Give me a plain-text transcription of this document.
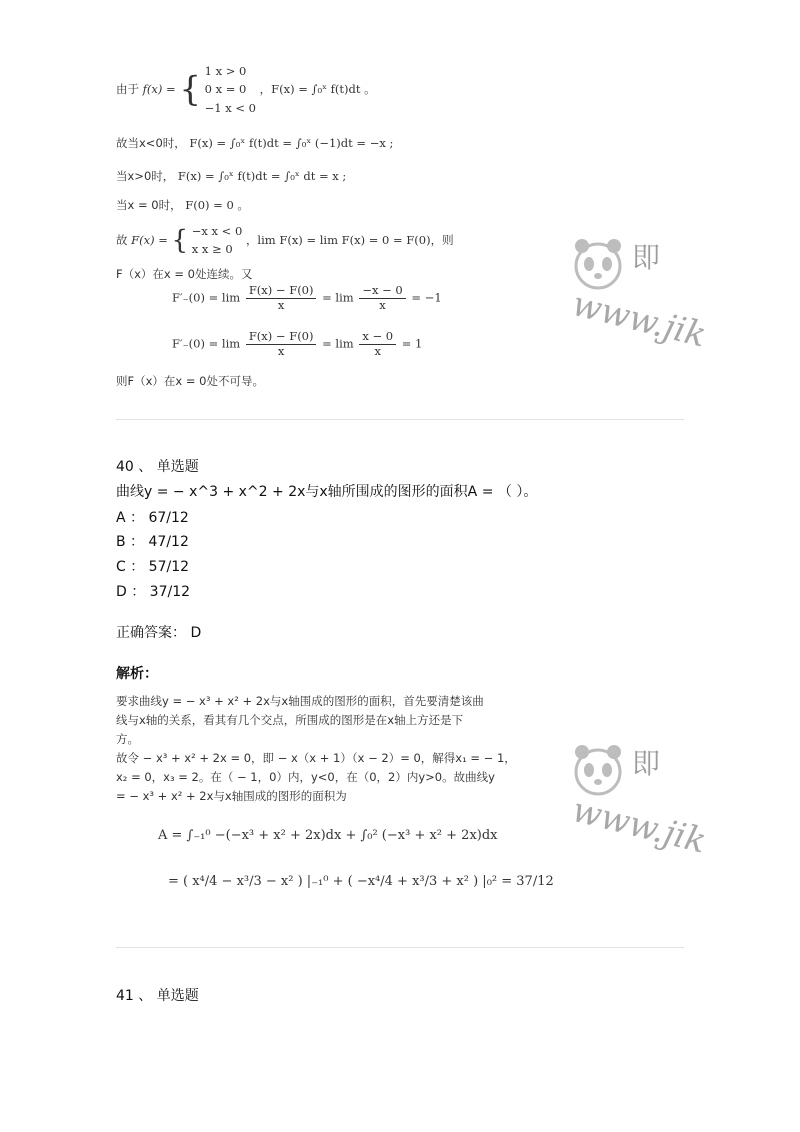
由于 f(x) = { 1 x > 0
0 x = 0
−1 x < 0
，F(x) = ∫₀ˣ f(t)dt 。
故当x<0时， F(x) = ∫₀ˣ f(t)dt = ∫₀ˣ (−1)dt = −x ;
当x>0时， F(x) = ∫₀ˣ f(t)dt = ∫₀ˣ dt = x ;
当x = 0时， F(0) = 0 。
故 F(x) = { −x x < 0
x x ≥ 0
，lim F(x) = lim F(x) = 0 = F(0)，则
F（x）在x = 0处连续。又
$F'_-(0) = \lim \frac{F(x) - F(0)}{x} = \lim \frac{-x - 0}{x} = -1$
$F'_-(0) = \lim \frac{F(x) - F(0)}{x} = \lim \frac{x - 0}{x} = 1$
则F（x）在x = 0处不可导。
即
www.jik
40 、 单选题
曲线y = − x^3 + x^2 + 2x与x轴所围成的图形的面积A = （ ）。
A ： 67/12
B ： 47/12
C ： 57/12
D ： 37/12
正确答案： D
解析：
要求曲线y = − x³ + x² + 2x与x轴围成的图形的面积，首先要清楚该曲
线与x轴的关系，看其有几个交点，所围成的图形是在x轴上方还是下
方。
故令 − x³ + x² + 2x = 0，即 − x（x + 1）（x − 2）= 0，解得x₁ = − 1，
x₂ = 0，x₃ = 2。在（ − 1，0）内，y<0，在（0，2）内y>0。故曲线y
= − x³ + x² + 2x与x轴围成的图形的面积为
A = ∫₋₁⁰ −(−x³ + x² + 2x)dx + ∫₀² (−x³ + x² + 2x)dx
= ( x⁴/4 − x³/3 − x² ) |₋₁⁰ + ( −x⁴/4 + x³/3 + x² ) |₀² = 37/12
即
www.jik
41 、 单选题
